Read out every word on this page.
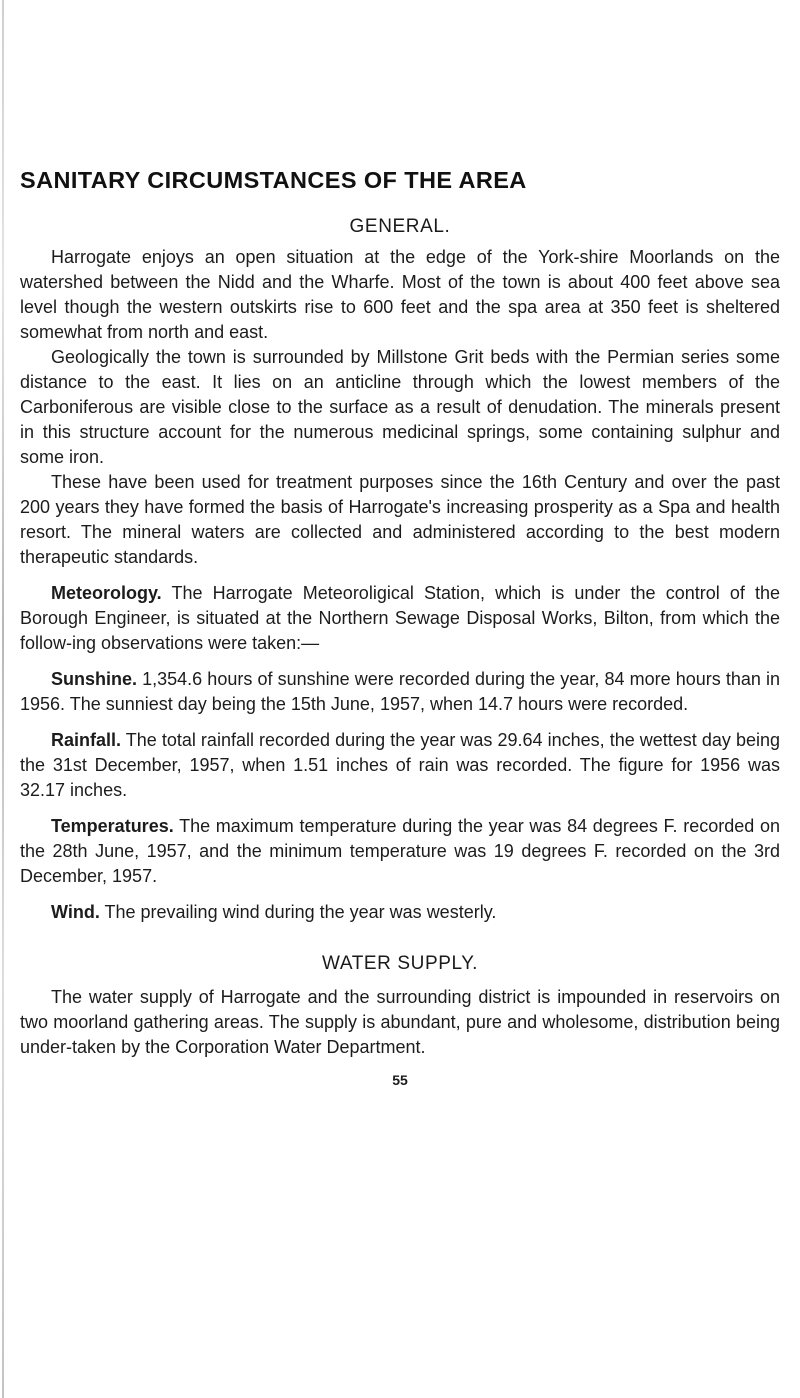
SANITARY CIRCUMSTANCES OF THE AREA
GENERAL.

Harrogate enjoys an open situation at the edge of the York-shire Moorlands on the watershed between the Nidd and the Wharfe. Most of the town is about 400 feet above sea level though the western outskirts rise to 600 feet and the spa area at 350 feet is sheltered somewhat from north and east.

Geologically the town is surrounded by Millstone Grit beds with the Permian series some distance to the east. It lies on an anticline through which the lowest members of the Carboniferous are visible close to the surface as a result of denudation. The minerals present in this structure account for the numerous medicinal springs, some containing sulphur and some iron.

These have been used for treatment purposes since the 16th Century and over the past 200 years they have formed the basis of Harrogate's increasing prosperity as a Spa and health resort. The mineral waters are collected and administered according to the best modern therapeutic standards.

Meteorology. The Harrogate Meteoroligical Station, which is under the control of the Borough Engineer, is situated at the Northern Sewage Disposal Works, Bilton, from which the follow-ing observations were taken:—

Sunshine. 1,354.6 hours of sunshine were recorded during the year, 84 more hours than in 1956. The sunniest day being the 15th June, 1957, when 14.7 hours were recorded.

Rainfall. The total rainfall recorded during the year was 29.64 inches, the wettest day being the 31st December, 1957, when 1.51 inches of rain was recorded. The figure for 1956 was 32.17 inches.

Temperatures. The maximum temperature during the year was 84 degrees F. recorded on the 28th June, 1957, and the minimum temperature was 19 degrees F. recorded on the 3rd December, 1957.

Wind. The prevailing wind during the year was westerly.

WATER SUPPLY.

The water supply of Harrogate and the surrounding district is impounded in reservoirs on two moorland gathering areas. The supply is abundant, pure and wholesome, distribution being under-taken by the Corporation Water Department.

55
